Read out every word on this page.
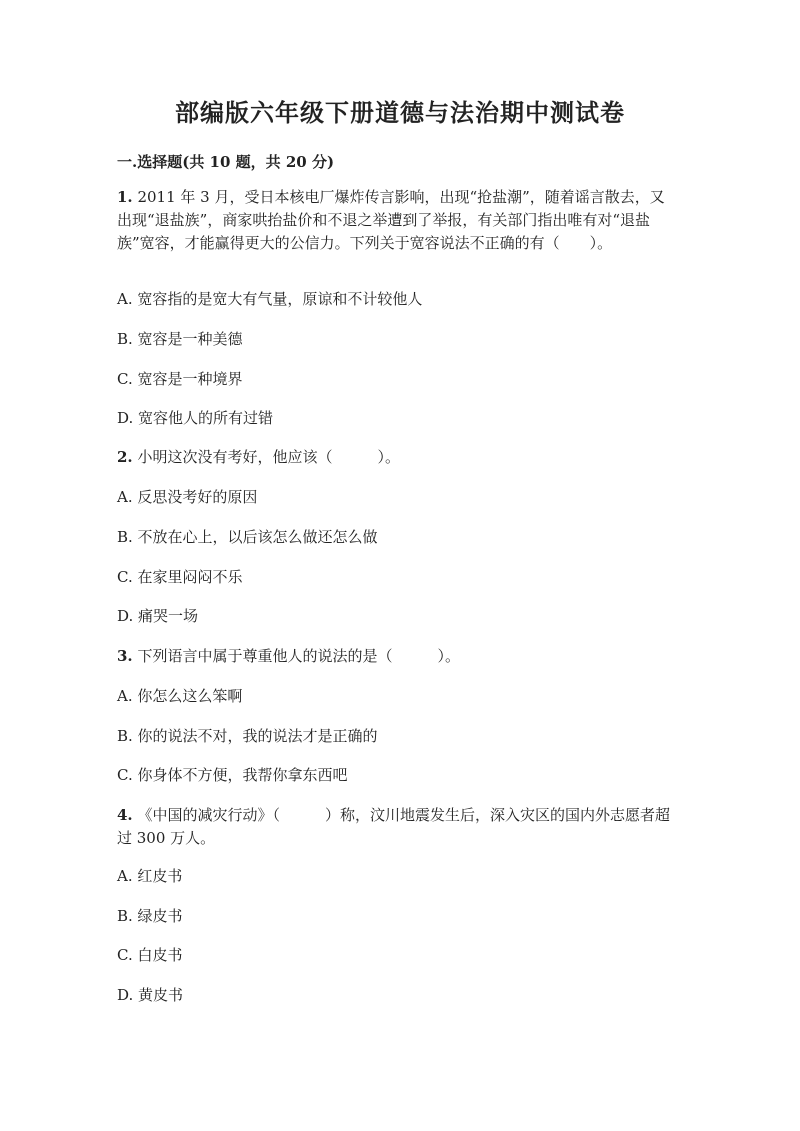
部编版六年级下册道德与法治期中测试卷
一.选择题(共 10 题，共 20 分)
1. 2011 年 3 月，受日本核电厂爆炸传言影响，出现“抢盐潮”，随着谣言散去，又出现“退盐族”，商家哄抬盐价和不退之举遭到了举报，有关部门指出唯有对“退盐族”宽容，才能赢得更大的公信力。下列关于宽容说法不正确的有（　　）。
A. 宽容指的是宽大有气量，原谅和不计较他人
B. 宽容是一种美德
C. 宽容是一种境界
D. 宽容他人的所有过错
2. 小明这次没有考好，他应该（　　　）。
A. 反思没考好的原因
B. 不放在心上，以后该怎么做还怎么做
C. 在家里闷闷不乐
D. 痛哭一场
3. 下列语言中属于尊重他人的说法的是（　　　）。
A. 你怎么这么笨啊
B. 你的说法不对，我的说法才是正确的
C. 你身体不方便，我帮你拿东西吧
4. 《中国的减灾行动》（　　　）称，汶川地震发生后，深入灾区的国内外志愿者超过 300 万人。
A. 红皮书
B. 绿皮书
C. 白皮书
D. 黄皮书
